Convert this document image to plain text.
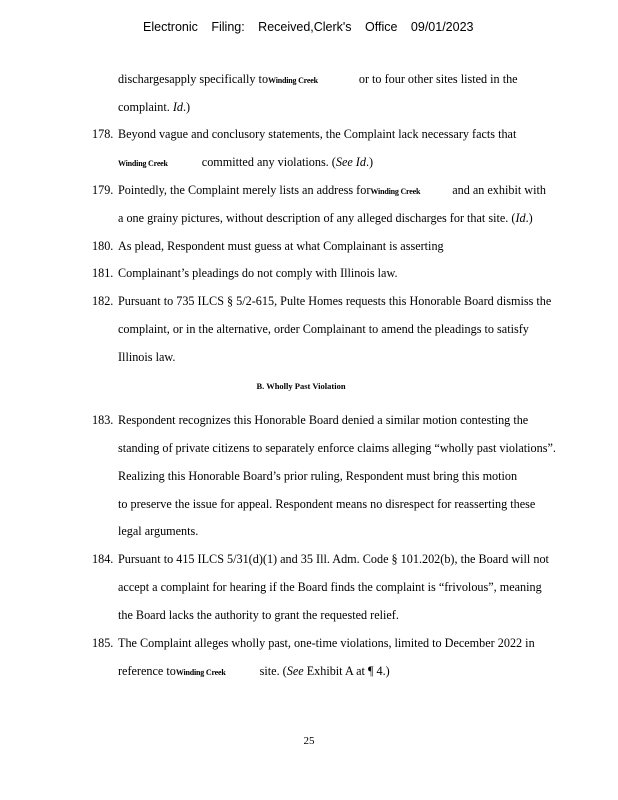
Electronic Filing: Received,Clerk's Office 09/01/2023
dischargesapply specifically toWinding Creek	or to four other sites listed in the
complaint. Id.)
178. Beyond vague and conclusory statements, the Complaint lack necessary facts that
Winding Creek	committed any violations. (See Id.)
179. Pointedly, the Complaint merely lists an address forWinding Creek	and an exhibit with
a one grainy pictures, without description of any alleged discharges for that site. (Id.)
180. As plead, Respondent must guess at what Complainant is asserting
181. Complainant’s pleadings do not comply with Illinois law.
182. Pursuant to 735 ILCS § 5/2-615, Pulte Homes requests this Honorable Board dismiss the
complaint, or in the alternative, order Complainant to amend the pleadings to satisfy
Illinois law.
B. Wholly Past Violation
183. Respondent recognizes this Honorable Board denied a similar motion contesting the
standing of private citizens to separately enforce claims alleging “wholly past violations”.
Realizing this Honorable Board’s prior ruling, Respondent must bring this motion
to preserve the issue for appeal. Respondent means no disrespect for reasserting these
legal arguments.
184. Pursuant to 415 ILCS 5/31(d)(1) and 35 Ill. Adm. Code § 101.202(b), the Board will not
accept a complaint for hearing if the Board finds the complaint is “frivolous”, meaning
the Board lacks the authority to grant the requested relief.
185. The Complaint alleges wholly past, one-time violations, limited to December 2022 in
reference toWinding Creek	site. (See Exhibit A at ¶ 4.)
25
